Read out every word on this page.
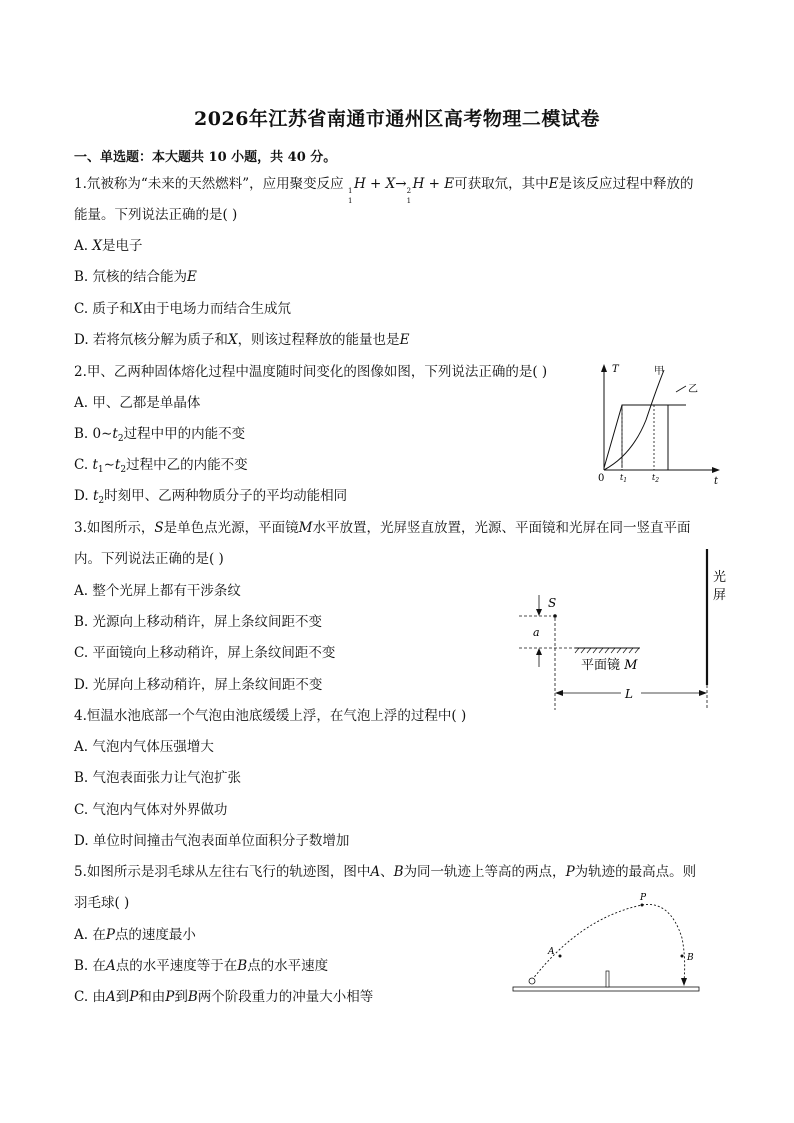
2026年江苏省南通市通州区高考物理二模试卷
一、单选题：本大题共 10 小题，共 40 分。
1.氘被称为“未来的天然燃料”，应用聚变反应 1
1
H + X→ 2
1
H + E可获取氘，其中E是该反应过程中释放的
能量。下列说法正确的是( )
A. X是电子
B. 氘核的结合能为E
C. 质子和X由于电场力而结合生成氘
D. 若将氘核分解为质子和X，则该过程释放的能量也是E
2.甲、乙两种固体熔化过程中温度随时间变化的图像如图，下列说法正确的是( )
A. 甲、乙都是单晶体
B. $0\sim t_2$过程中甲的内能不变
C. $t_1\sim t_2$过程中乙的内能不变
D. $t_2$时刻甲、乙两种物质分子的平均动能相同
T
t
0 $t_1$	$t_2$
甲
乙
3.如图所示，S是单色点光源，平面镜M水平放置，光屏竖直放置，光源、平面镜和光屏在同一竖直平面
内。下列说法正确的是( )
A. 整个光屏上都有干涉条纹
B. 光源向上移动稍许，屏上条纹间距不变
C. 平面镜向上移动稍许，屏上条纹间距不变
D. 光屏向上移动稍许，屏上条纹间距不变
光
屏
S
a
平面镜 M
L
4.恒温水池底部一个气泡由池底缓缓上浮，在气泡上浮的过程中( )
A. 气泡内气体压强增大
B. 气泡表面张力让气泡扩张
C. 气泡内气体对外界做功
D. 单位时间撞击气泡表面单位面积分子数增加
5.如图所示是羽毛球从左往右飞行的轨迹图，图中A、B为同一轨迹上等高的两点，P为轨迹的最高点。则
羽毛球( )
A. 在P点的速度最小
B. 在A点的水平速度等于在B点的水平速度
C. 由A到P和由P到B两个阶段重力的冲量大小相等
A
P
B
